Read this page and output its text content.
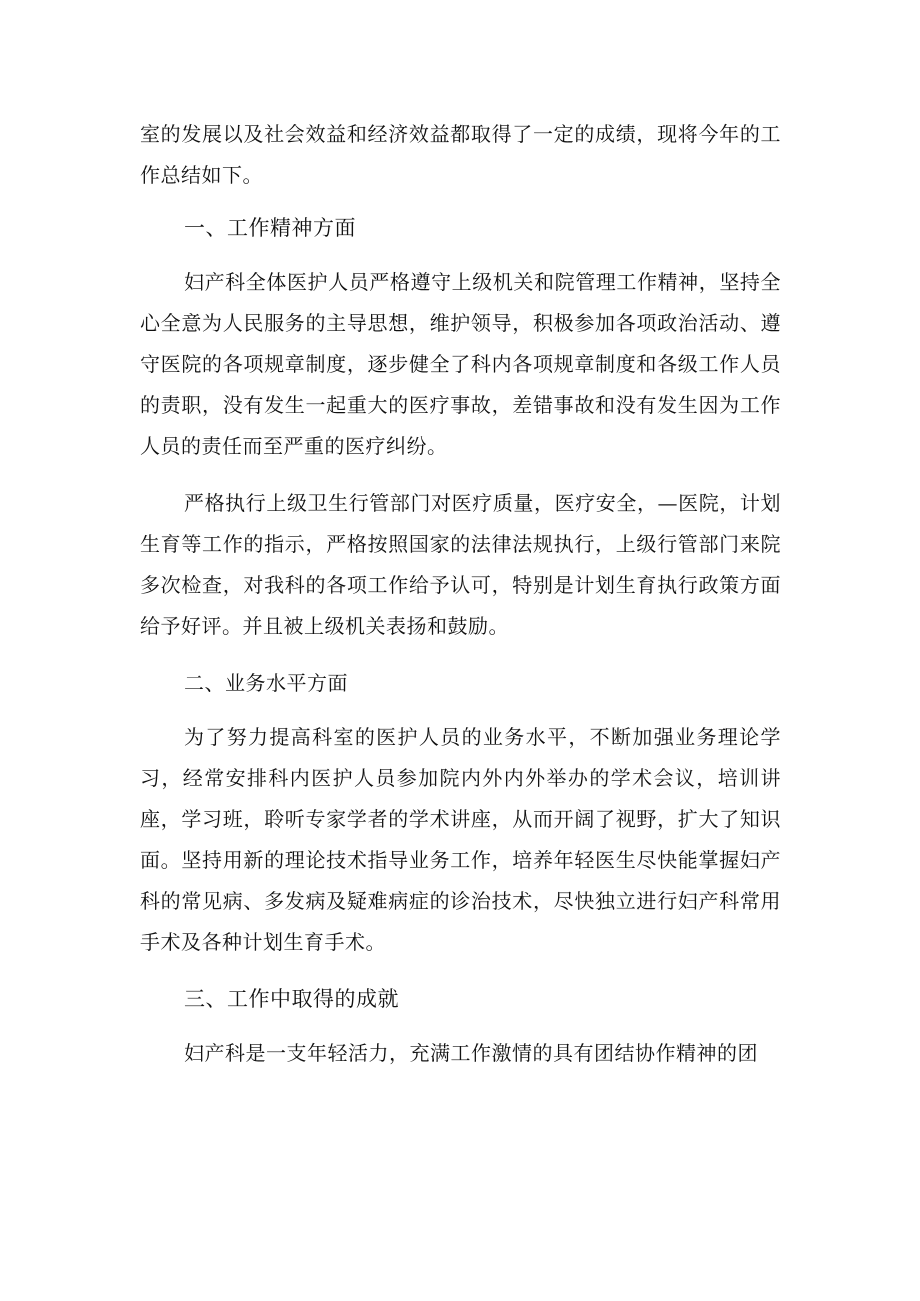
室的发展以及社会效益和经济效益都取得了一定的成绩，现将今年的工作总结如下。

一、工作精神方面

妇产科全体医护人员严格遵守上级机关和院管理工作精神，坚持全心全意为人民服务的主导思想，维护领导，积极参加各项政治活动、遵守医院的各项规章制度，逐步健全了科内各项规章制度和各级工作人员的责职，没有发生一起重大的医疗事故，差错事故和没有发生因为工作人员的责任而至严重的医疗纠纷。

严格执行上级卫生行管部门对医疗质量，医疗安全，—医院，计划生育等工作的指示，严格按照国家的法律法规执行，上级行管部门来院多次检查，对我科的各项工作给予认可，特别是计划生育执行政策方面给予好评。并且被上级机关表扬和鼓励。

二、业务水平方面

为了努力提高科室的医护人员的业务水平，不断加强业务理论学习，经常安排科内医护人员参加院内外内外举办的学术会议，培训讲座，学习班，聆听专家学者的学术讲座，从而开阔了视野，扩大了知识面。坚持用新的理论技术指导业务工作，培养年轻医生尽快能掌握妇产科的常见病、多发病及疑难病症的诊治技术，尽快独立进行妇产科常用手术及各种计划生育手术。

三、工作中取得的成就

妇产科是一支年轻活力，充满工作激情的具有团结协作精神的团
